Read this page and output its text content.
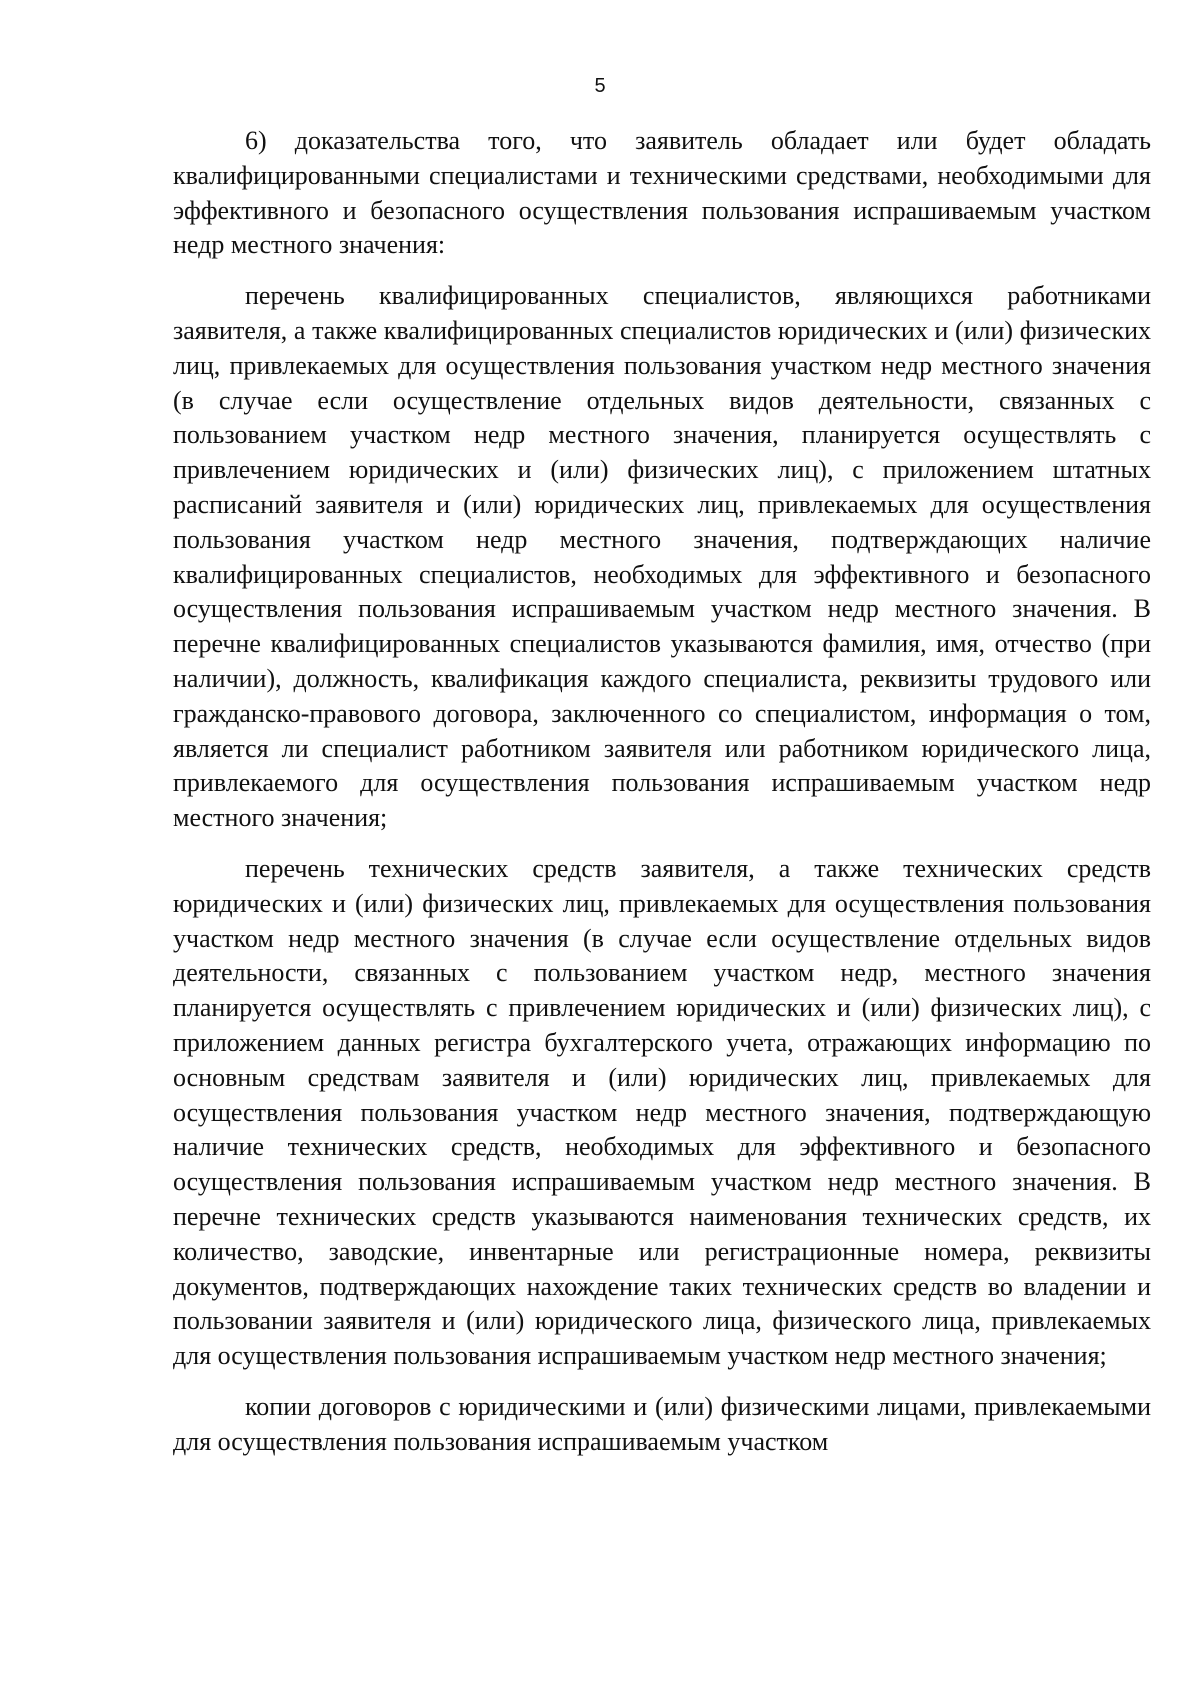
5

6) доказательства того, что заявитель обладает или будет обладать квалифицированными специалистами и техническими средствами, необходимыми для эффективного и безопасного осуществления пользования испрашиваемым участком недр местного значения:

перечень квалифицированных специалистов, являющихся работниками заявителя, а также квалифицированных специалистов юридических и (или) физических лиц, привлекаемых для осуществления пользования участком недр местного значения (в случае если осуществление отдельных видов деятельности, связанных с пользованием участком недр местного значения, планируется осуществлять с привлечением юридических и (или) физических лиц), с приложением штатных расписаний заявителя и (или) юридических лиц, привлекаемых для осуществления пользования участком недр местного значения, подтверждающих наличие квалифицированных специалистов, необходимых для эффективного и безопасного осуществления пользования испрашиваемым участком недр местного значения. В перечне квалифицированных специалистов указываются фамилия, имя, отчество (при наличии), должность, квалификация каждого специалиста, реквизиты трудового или гражданско-правового договора, заключенного со специалистом, информация о том, является ли специалист работником заявителя или работником юридического лица, привлекаемого для осуществления пользования испрашиваемым участком недр местного значения;

перечень технических средств заявителя, а также технических средств юридических и (или) физических лиц, привлекаемых для осуществления пользования участком недр местного значения (в случае если осуществление отдельных видов деятельности, связанных с пользованием участком недр, местного значения планируется осуществлять с привлечением юридических и (или) физических лиц), с приложением данных регистра бухгалтерского учета, отражающих информацию по основным средствам заявителя и (или) юридических лиц, привлекаемых для осуществления пользования участком недр местного значения, подтверждающую наличие технических средств, необходимых для эффективного и безопасного осуществления пользования испрашиваемым участком недр местного значения. В перечне технических средств указываются наименования технических средств, их количество, заводские, инвентарные или регистрационные номера, реквизиты документов, подтверждающих нахождение таких технических средств во владении и пользовании заявителя и (или) юридического лица, физического лица, привлекаемых для осуществления пользования испрашиваемым участком недр местного значения;

копии договоров с юридическими и (или) физическими лицами, привлекаемыми для осуществления пользования испрашиваемым участком
